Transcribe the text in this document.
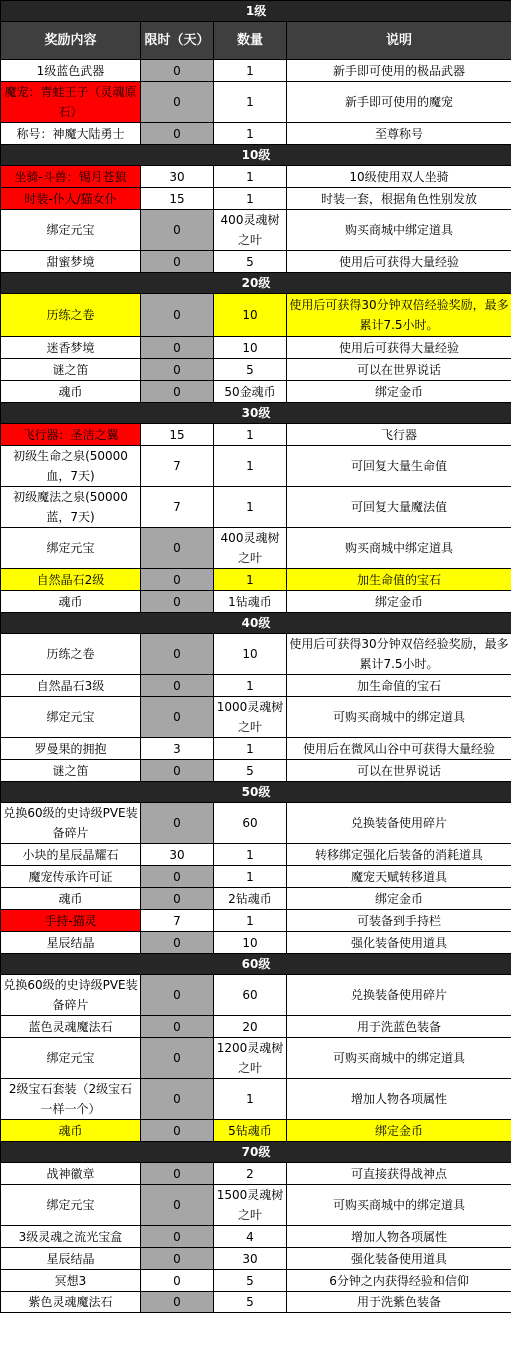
1级			
奖励内容	限时（天）	数量	说明
1级蓝色武器	0	1	新手即可使用的极品武器
魔宠：青蛙王子（灵魂原石）	0	1	新手即可使用的魔宠
称号：神魔大陆勇士	0	1	至尊称号
10级			
坐骑-斗兽：锡月苍狼	30	1	10级使用双人坐骑
时装-仆人/猫女仆	15	1	时装一套，根据角色性别发放
绑定元宝	0	400灵魂树之叶	购买商城中绑定道具
甜蜜梦境	0	5	使用后可获得大量经验
20级			
历练之卷	0	10	使用后可获得30分钟双倍经验奖励，最多累计7.5小时。
迷香梦境	0	10	使用后可获得大量经验
谜之笛	0	5	可以在世界说话
魂币	0	50金魂币	绑定金币
30级			
飞行器：圣洁之翼	15	1	飞行器
初级生命之泉(50000血，7天)	7	1	可回复大量生命值
初级魔法之泉(50000蓝，7天)	7	1	可回复大量魔法值
绑定元宝	0	400灵魂树之叶	购买商城中绑定道具
自然晶石2级	0	1	加生命值的宝石
魂币	0	1钻魂币	绑定金币
40级			
历练之卷	0	10	使用后可获得30分钟双倍经验奖励，最多累计7.5小时。
自然晶石3级	0	1	加生命值的宝石
绑定元宝	0	1000灵魂树之叶	可购买商城中的绑定道具
罗曼果的拥抱	3	1	使用后在微风山谷中可获得大量经验
谜之笛	0	5	可以在世界说话
50级			
兑换60级的史诗级PVE装备碎片	0	60	兑换装备使用碎片
小块的星辰晶耀石	30	1	转移绑定强化后装备的消耗道具
魔宠传承许可证	0	1	魔宠天赋转移道具
魂币	0	2钻魂币	绑定金币
手持-猫灵	7	1	可装备到手持栏
星辰结晶	0	10	强化装备使用道具
60级			
兑换60级的史诗级PVE装备碎片	0	60	兑换装备使用碎片
蓝色灵魂魔法石	0	20	用于洗蓝色装备
绑定元宝	0	1200灵魂树之叶	可购买商城中的绑定道具
2级宝石套装（2级宝石一样一个）	0	1	增加人物各项属性
魂币	0	5钻魂币	绑定金币
70级			
战神徽章	0	2	可直接获得战神点
绑定元宝	0	1500灵魂树之叶	可购买商城中的绑定道具
3级灵魂之流光宝盒	0	4	增加人物各项属性
星辰结晶	0	30	强化装备使用道具
冥想3	0	5	6分钟之内获得经验和信仰
紫色灵魂魔法石	0	5	用于洗紫色装备
